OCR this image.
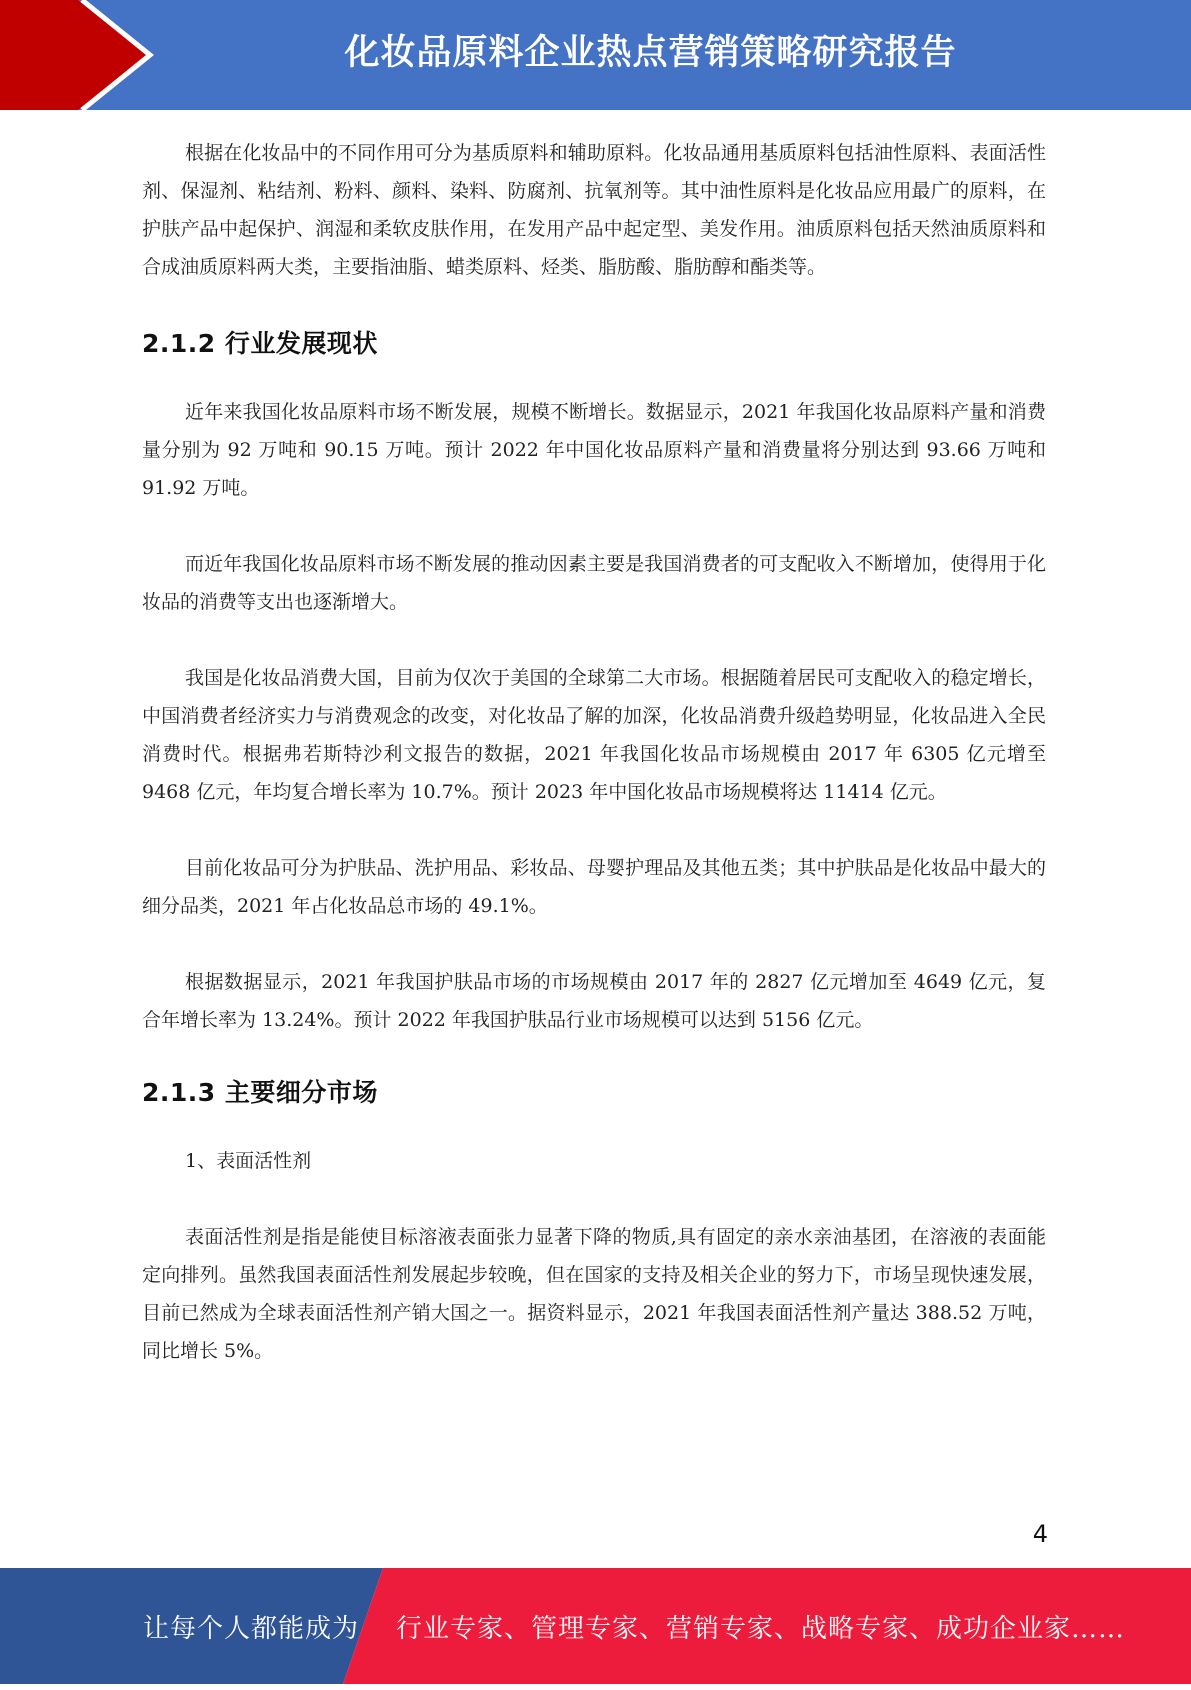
化妆品原料企业热点营销策略研究报告

根据在化妆品中的不同作用可分为基质原料和辅助原料。化妆品通用基质原料包括油性原料、表面活性剂、保湿剂、粘结剂、粉料、颜料、染料、防腐剂、抗氧剂等。其中油性原料是化妆品应用最广的原料，在护肤产品中起保护、润湿和柔软皮肤作用，在发用产品中起定型、美发作用。油质原料包括天然油质原料和合成油质原料两大类，主要指油脂、蜡类原料、烃类、脂肪酸、脂肪醇和酯类等。

2.1.2 行业发展现状

近年来我国化妆品原料市场不断发展，规模不断增长。数据显示，2021 年我国化妆品原料产量和消费量分别为 92 万吨和 90.15 万吨。预计 2022 年中国化妆品原料产量和消费量将分别达到 93.66 万吨和 91.92 万吨。

而近年我国化妆品原料市场不断发展的推动因素主要是我国消费者的可支配收入不断增加，使得用于化妆品的消费等支出也逐渐增大。

我国是化妆品消费大国，目前为仅次于美国的全球第二大市场。根据随着居民可支配收入的稳定增长，中国消费者经济实力与消费观念的改变，对化妆品了解的加深，化妆品消费升级趋势明显，化妆品进入全民消费时代。根据弗若斯特沙利文报告的数据，2021 年我国化妆品市场规模由 2017 年 6305 亿元增至 9468 亿元，年均复合增长率为 10.7%。预计 2023 年中国化妆品市场规模将达 11414 亿元。

目前化妆品可分为护肤品、洗护用品、彩妆品、母婴护理品及其他五类；其中护肤品是化妆品中最大的细分品类，2021 年占化妆品总市场的 49.1%。

根据数据显示，2021 年我国护肤品市场的市场规模由 2017 年的 2827 亿元增加至 4649 亿元，复合年增长率为 13.24%。预计 2022 年我国护肤品行业市场规模可以达到 5156 亿元。

2.1.3 主要细分市场

1、表面活性剂

表面活性剂是指是能使目标溶液表面张力显著下降的物质,具有固定的亲水亲油基团，在溶液的表面能定向排列。虽然我国表面活性剂发展起步较晚，但在国家的支持及相关企业的努力下，市场呈现快速发展，目前已然成为全球表面活性剂产销大国之一。据资料显示，2021 年我国表面活性剂产量达 388.52 万吨，同比增长 5%。

4
让每个人都能成为 行业专家、管理专家、营销专家、战略专家、成功企业家……
